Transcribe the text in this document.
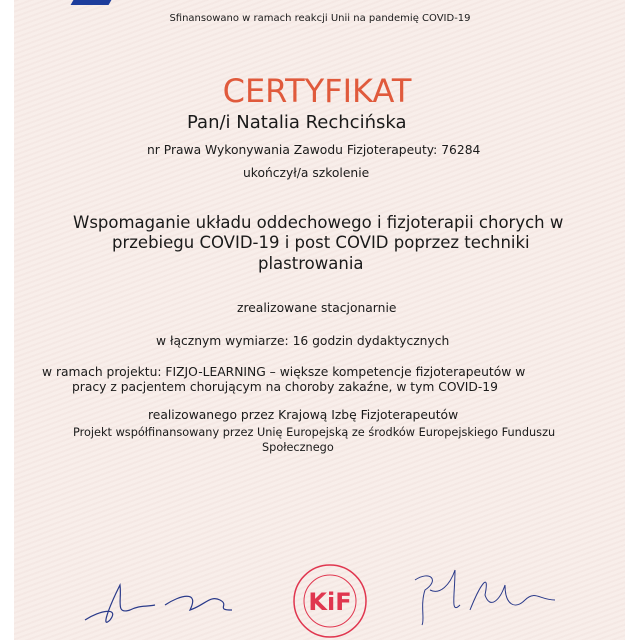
Sfinansowano w ramach reakcji Unii na pandemię COVID-19
CERTYFIKAT
Pan/i Natalia Rechcińska
nr Prawa Wykonywania Zawodu Fizjoterapeuty: 76284
ukończył/a szkolenie
Wspomaganie układu oddechowego i fizjoterapii chorych w
przebiegu COVID-19 i post COVID poprzez techniki
plastrowania
zrealizowane stacjonarnie
w łącznym wymiarze: 16 godzin dydaktycznych
w ramach projektu: FIZJO-LEARNING – większe kompetencje fizjoterapeutów w
pracy z pacjentem chorującym na choroby zakaźne, w tym COVID-19
realizowanego przez Krajową Izbę Fizjoterapeutów
Projekt współfinansowany przez Unię Europejską ze środków Europejskiego Funduszu
Społecznego
KiF
